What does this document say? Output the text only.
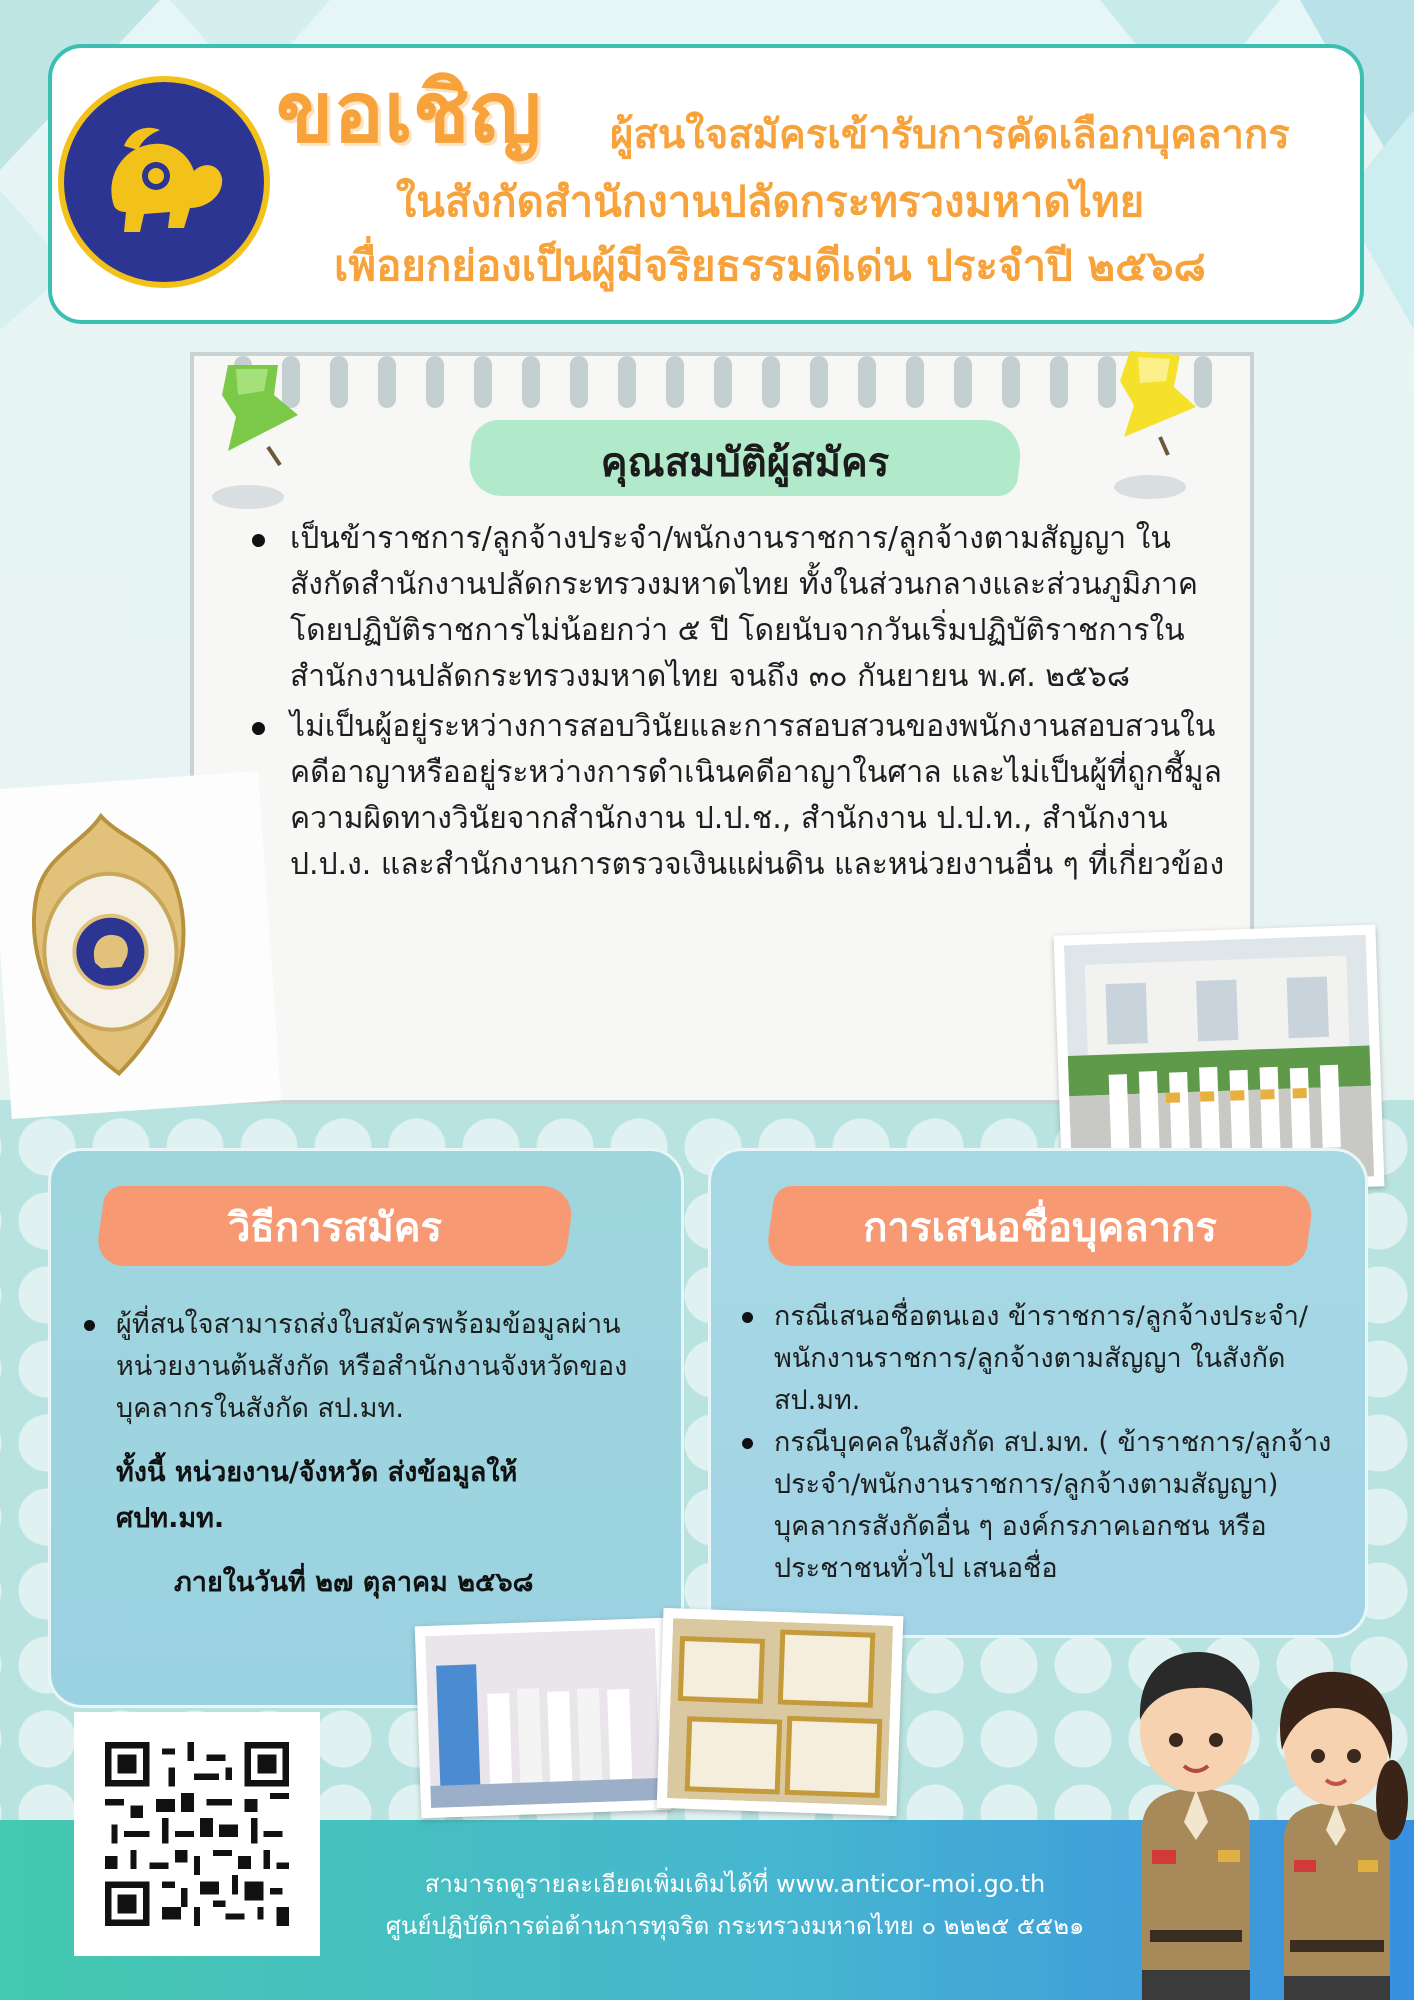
ขอเชิญ ผู้สนใจสมัครเข้ารับการคัดเลือกบุคลากร
ในสังกัดสำนักงานปลัดกระทรวงมหาดไทย
เพื่อยกย่องเป็นผู้มีจริยธรรมดีเด่น ประจำปี ๒๕๖๘
คุณสมบัติผู้สมัคร
เป็นข้าราชการ/ลูกจ้างประจำ/พนักงานราชการ/ลูกจ้างตามสัญญา ในสังกัดสำนักงานปลัดกระทรวงมหาดไทย ทั้งในส่วนกลางและส่วนภูมิภาค โดยปฏิบัติราชการไม่น้อยกว่า ๕ ปี โดยนับจากวันเริ่มปฏิบัติราชการในสำนักงานปลัดกระทรวงมหาดไทย จนถึง ๓๐ กันยายน พ.ศ. ๒๕๖๘
ไม่เป็นผู้อยู่ระหว่างการสอบวินัยและการสอบสวนของพนักงานสอบสวนในคดีอาญาหรืออยู่ระหว่างการดำเนินคดีอาญาในศาล และไม่เป็นผู้ที่ถูกชี้มูลความผิดทางวินัยจากสำนักงาน ป.ป.ช., สำนักงาน ป.ป.ท., สำนักงาน ป.ป.ง. และสำนักงานการตรวจเงินแผ่นดิน และหน่วยงานอื่น ๆ ที่เกี่ยวข้อง
วิธีการสมัคร
ผู้ที่สนใจสามารถส่งใบสมัครพร้อมข้อมูลผ่านหน่วยงานต้นสังกัด หรือสำนักงานจังหวัดของบุคลากรในสังกัด สป.มท.
ทั้งนี้ หน่วยงาน/จังหวัด ส่งข้อมูลให้
ศปท.มท.
ภายในวันที่ ๒๗ ตุลาคม ๒๕๖๘
การเสนอชื่อบุคลากร
กรณีเสนอชื่อตนเอง ข้าราชการ/ลูกจ้างประจำ/พนักงานราชการ/ลูกจ้างตามสัญญา ในสังกัด สป.มท.
กรณีบุคคลในสังกัด สป.มท. ( ข้าราชการ/ลูกจ้างประจำ/พนักงานราชการ/ลูกจ้างตามสัญญา) บุคลากรสังกัดอื่น ๆ องค์กรภาคเอกชน หรือ ประชาชนทั่วไป เสนอชื่อ
สามารถดูรายละเอียดเพิ่มเติมได้ที่ www.anticor-moi.go.th
ศูนย์ปฏิบัติการต่อต้านการทุจริต กระทรวงมหาดไทย ๐ ๒๒๒๕ ๕๕๒๑
